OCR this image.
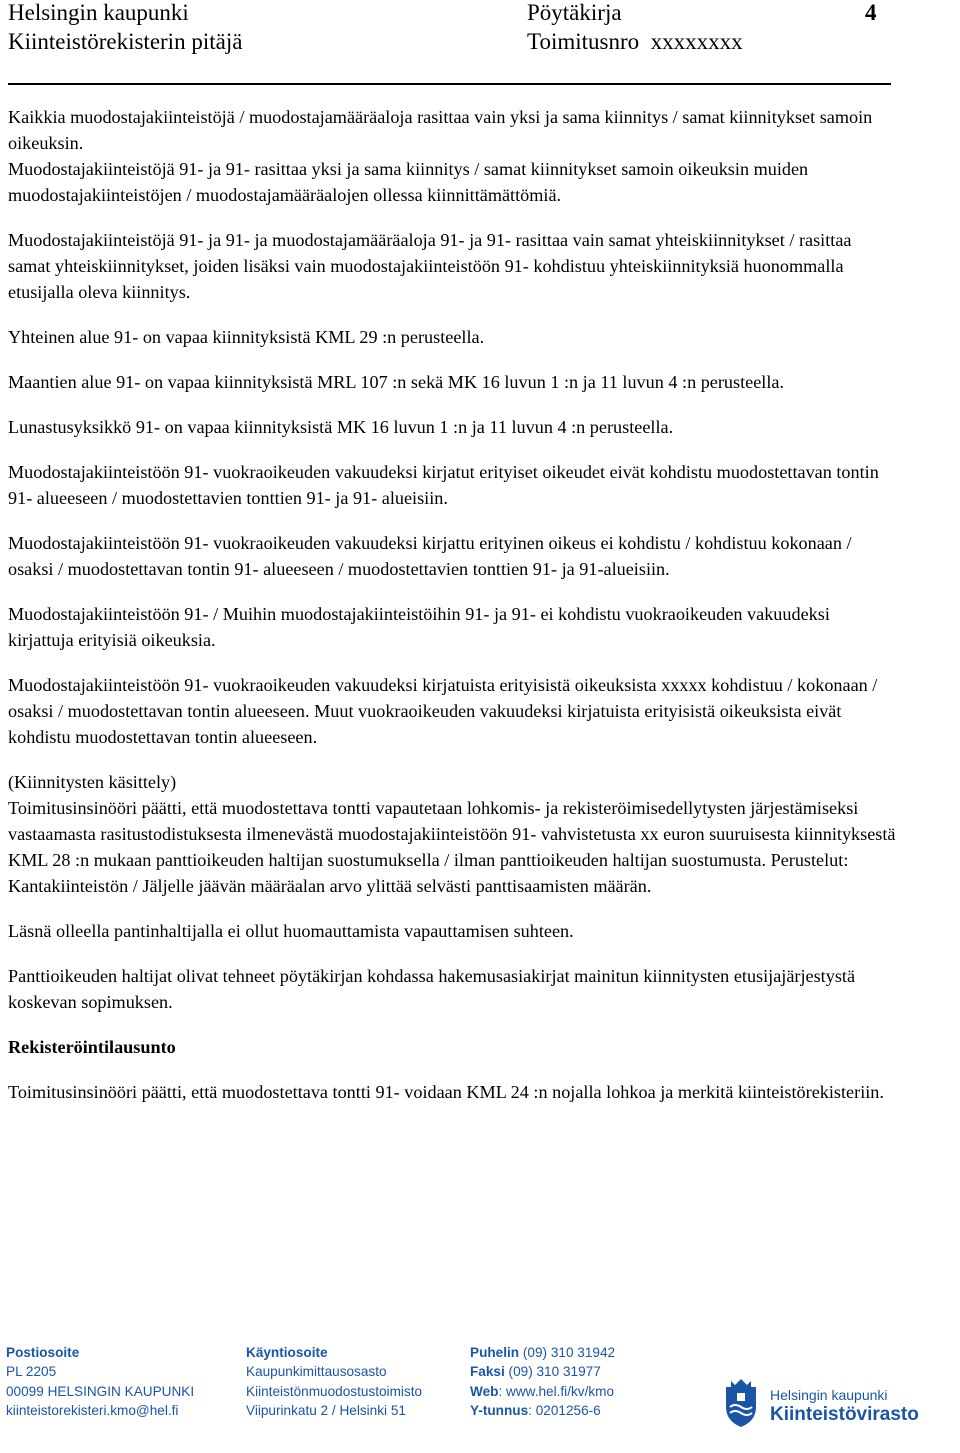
Helsingin kaupunki
Kiinteistörekisterin pitäjä
Pöytäkirja
Toimitusnro  xxxxxxxx
4

Kaikkia muodostajakiinteistöjä / muodostajamääräaloja rasittaa vain yksi ja sama kiinnitys / samat kiinnitykset samoin oikeuksin.

Muodostajakiinteistöjä 91- ja 91- rasittaa yksi ja sama kiinnitys / samat kiinnitykset samoin oikeuksin muiden muodostajakiinteistöjen / muodostajamääräalojen ollessa kiinnittämättömiä.

Muodostajakiinteistöjä 91- ja 91- ja muodostajamääräaloja 91- ja 91- rasittaa vain samat yhteiskiinnitykset / rasittaa samat yhteiskiinnitykset, joiden lisäksi vain muodostajakiinteistöön 91- kohdistuu yhteiskiinnityksiä huonommalla etusijalla oleva kiinnitys.

Yhteinen alue 91- on vapaa kiinnityksistä KML 29 :n perusteella.

Maantien alue 91- on vapaa kiinnityksistä MRL 107 :n sekä MK 16 luvun 1 :n ja 11 luvun 4 :n perusteella.

Lunastusyksikkö 91- on vapaa kiinnityksistä MK 16 luvun 1 :n ja 11 luvun 4 :n perusteella.

Muodostajakiinteistöön 91- vuokraoikeuden vakuudeksi kirjatut erityiset oikeudet eivät kohdistu muodostettavan tontin 91- alueeseen / muodostettavien tonttien 91- ja 91- alueisiin.

Muodostajakiinteistöön 91- vuokraoikeuden vakuudeksi kirjattu erityinen oikeus ei kohdistu / kohdistuu kokonaan / osaksi / muodostettavan tontin 91- alueeseen / muodostettavien tonttien 91- ja 91-alueisiin.

Muodostajakiinteistöön 91- / Muihin muodostajakiinteistöihin 91- ja 91- ei kohdistu vuokraoikeuden vakuudeksi kirjattuja erityisiä oikeuksia.

Muodostajakiinteistöön 91- vuokraoikeuden vakuudeksi kirjatuista erityisistä oikeuksista xxxxx kohdistuu / kokonaan / osaksi / muodostettavan tontin alueeseen. Muut vuokraoikeuden vakuudeksi kirjatuista erityisistä oikeuksista eivät kohdistu muodostettavan tontin alueeseen.

(Kiinnitysten käsittely)

Toimitusinsinööri päätti, että muodostettava tontti vapautetaan lohkomis- ja rekisteröimisedellytysten järjestämiseksi vastaamasta rasitustodistuksesta ilmenevästä muodostajakiinteistöön 91- vahvistetusta xx euron suuruisesta kiinnityksestä KML 28 :n mukaan panttioikeuden haltijan suostumuksella / ilman panttioikeuden haltijan suostumusta. Perustelut: Kantakiinteistön / Jäljelle jäävän määräalan arvo ylittää selvästi panttisaamisten määrän.

Läsnä olleella pantinhaltijalla ei ollut huomauttamista vapauttamisen suhteen.

Panttioikeuden haltijat olivat tehneet pöytäkirjan kohdassa hakemusasiakirjat mainitun kiinnitysten etusijajärjestystä koskevan sopimuksen.

Rekisteröintilausunto

Toimitusinsinööri päätti, että muodostettava tontti 91- voidaan KML 24 :n nojalla lohkoa ja merkitä kiinteistörekisteriin.

Postiosoite
PL 2205
00099 HELSINGIN KAUPUNKI
kiinteistorekisteri.kmo@hel.fi
Käyntiosoite
Kaupunkimittausosasto
Kiinteistönmuodostustoimisto
Viipurinkatu 2 / Helsinki 51
Puhelin (09) 310 31942
Faksi (09) 310 31977
Web: www.hel.fi/kv/kmo
Y-tunnus: 0201256-6
Helsingin kaupunki
Kiinteistövirasto
